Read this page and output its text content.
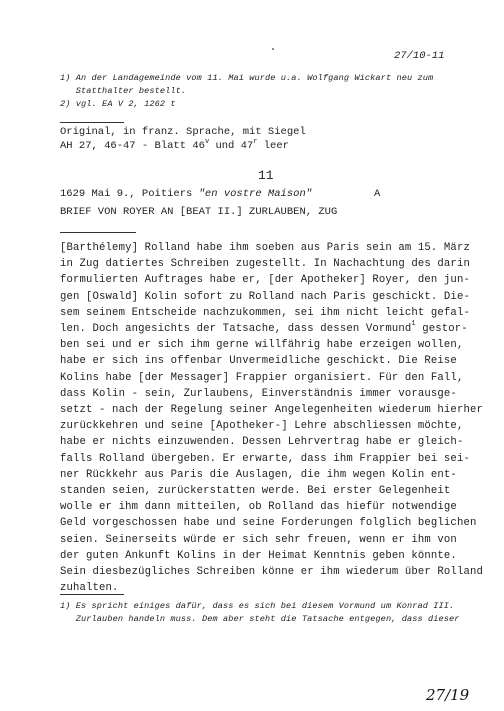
27/10-11
1) An der Landagemeinde vom 11. Mai wurde u.a. Wolfgang Wickart neu zum
Statthalter bestellt.
2) vgl. EA V 2, 1262 t
Original, in franz. Sprache, mit Siegel
AH 27, 46-47 - Blatt 46$^v$ und 47$^r$ leer
11
1629 Mai 9., Poitiers "en vostre Maison"	A
BRIEF VON ROYER AN [BEAT II.] ZURLAUBEN, ZUG
[Barthélemy] Rolland habe ihm soeben aus Paris sein am 15. März
in Zug datiertes Schreiben zugestellt. In Nachachtung des darin
formulierten Auftrages habe er, [der Apotheker] Royer, den jun-
gen [Oswald] Kolin sofort zu Rolland nach Paris geschickt. Die-
sem seinem Entscheide nachzukommen, sei ihm nicht leicht gefal-
len. Doch angesichts der Tatsache, dass dessen Vormund$^1$ gestor-
ben sei und er sich ihm gerne willfährig habe erzeigen wollen,
habe er sich ins offenbar Unvermeidliche geschickt. Die Reise
Kolins habe [der Messager] Frappier organisiert. Für den Fall,
dass Kolin - sein, Zurlaubens, Einverständnis immer vorausge-
setzt - nach der Regelung seiner Angelegenheiten wiederum hierher
zurückkehren und seine [Apotheker-] Lehre abschliessen möchte,
habe er nichts einzuwenden. Dessen Lehrvertrag habe er gleich-
falls Rolland übergeben. Er erwarte, dass ihm Frappier bei sei-
ner Rückkehr aus Paris die Auslagen, die ihm wegen Kolin ent-
standen seien, zurückerstatten werde. Bei erster Gelegenheit
wolle er ihm dann mitteilen, ob Rolland das hiefür notwendige
Geld vorgeschossen habe und seine Forderungen folglich beglichen
seien. Seinerseits würde er sich sehr freuen, wenn er ihm von
der guten Ankunft Kolins in der Heimat Kenntnis geben könnte.
Sein diesbezügliches Schreiben könne er ihm wiederum über Rolland
zuhalten.
1) Es spricht einiges dafür, dass es sich bei diesem Vormund um Konrad III.
Zurlauben handeln muss. Dem aber steht die Tatsache entgegen, dass dieser
27/19
